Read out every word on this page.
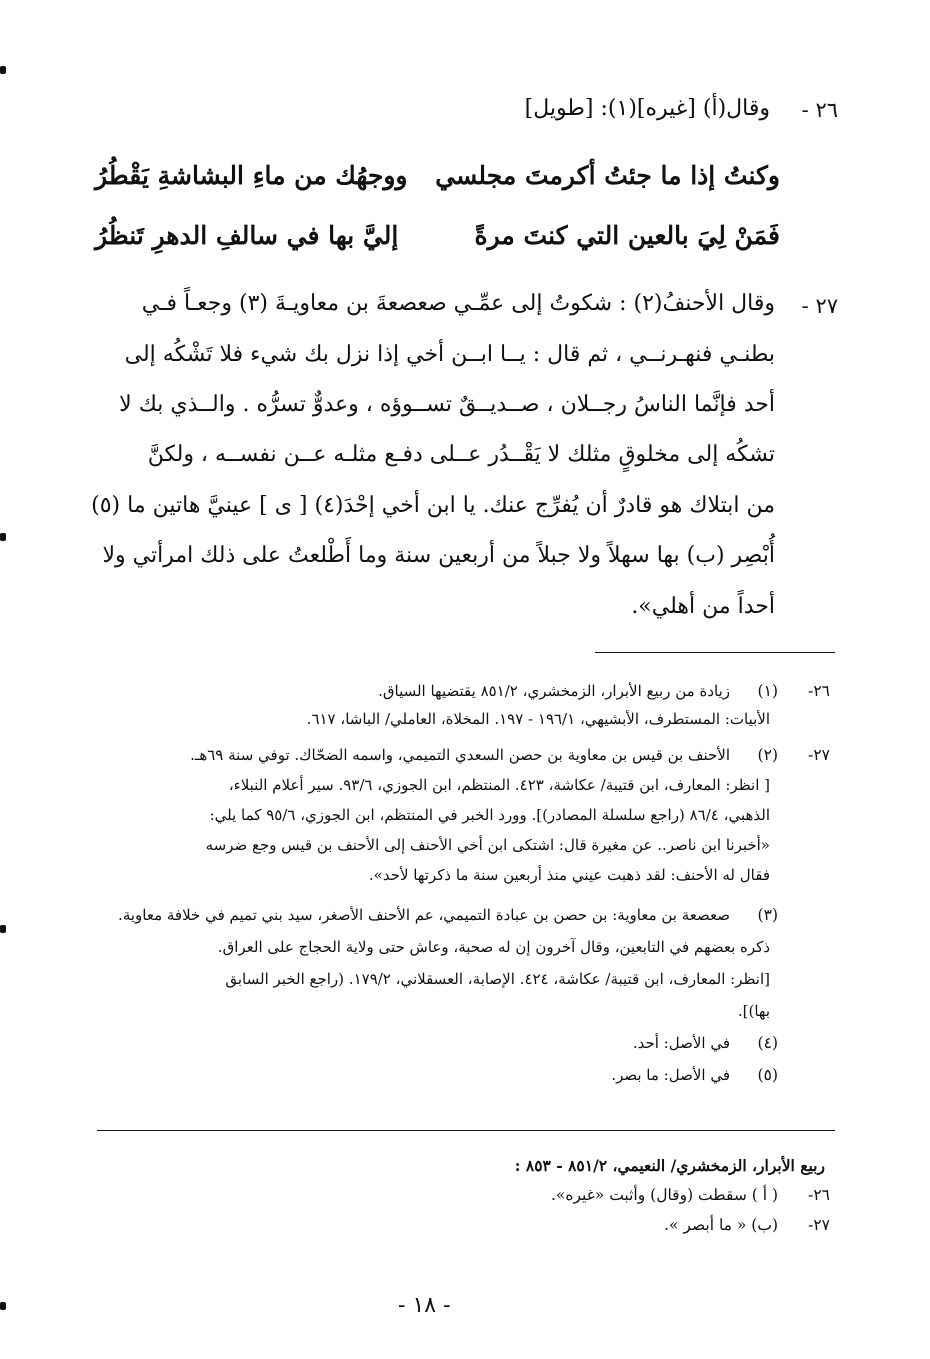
٢٦ -
وقال(أ) [غيره](١): [طويل]
وكنتُ إذا ما جئتُ أكرمتَ مجلسي
ووجهُك من ماءِ البشاشةِ يَقْطُرُ
فَمَنْ لِيَ بالعين التي كنتَ مرةً
إليَّ بها في سالفِ الدهرِ تَنظُرُ
٢٧ -
وقال الأحنفُ(٢) : شكوتُ إلى عمِّـي صعصعةَ بن معاويـةَ (٣) وجعـاً فـي
بطنـي فنهـرنــي ، ثم قال : يــا ابــن أخي إذا نزل بك شيء فلا تَشْكُه إلى
أحد فإنَّما الناسُ رجــلان ، صــديــقٌ تســوؤه ، وعدوٌّ تسرُّه . والــذي بك لا
تشكُه إلى مخلوقٍ مثلك لا يَقْــدُر عــلى دفـع مثلـه عــن نفســه ، ولكنَّ
من ابتلاك هو قادرٌ أن يُفرِّج عنك. يا ابن أخي إحْدَ(٤) [ ى ] عينيَّ هاتين ما (٥)
أُبْصِر (ب) بها سهلاً ولا جبلاً من أربعين سنة وما أَطْلعتُ على ذلك امرأتي ولا
أحداً من أهلي».
٢٦-
(١)
زيادة من ربيع الأبرار، الزمخشري، ٨٥١/٢ يقتضيها السياق.
الأبيات: المستطرف، الأبشيهي، ١٩٦/١ - ١٩٧. المخلاة، العاملي/ الباشا، ٦١٧.
٢٧-
(٢)
الأحنف بن قيس بن معاوية بن حصن السعدي التميمي، واسمه الضحّاك. توفي سنة ٦٩هـ.
[ انظر: المعارف، ابن قتيبة/ عكاشة، ٤٢٣. المنتظم، ابن الجوزي، ٩٣/٦. سير أعلام النبلاء،
الذهبي، ٨٦/٤ (راجع سلسلة المصادر)]. وورد الخبر في المنتظم، ابن الجوزي، ٩٥/٦ كما يلي:
«أخبرنا ابن ناصر.. عن مغيرة قال: اشتكى ابن أخي الأحنف إلى الأحنف بن قيس وجع ضرسه
فقال له الأحنف: لقد ذهبت عيني منذ أربعين سنة ما ذكرتها لأحد».
(٣)
صعصعة بن معاوية: بن حصن بن عبادة التميمي، عم الأحنف الأصغر، سيد بني تميم في خلافة معاوية.
ذكره بعضهم في التابعين، وقال آخرون إن له صحبة، وعاش حتى ولاية الحجاج على العراق.
[انظر: المعارف، ابن قتيبة/ عكاشة، ٤٢٤. الإصابة، العسقلاني، ١٧٩/٢. (راجع الخبر السابق
بها)].
(٤)
في الأصل: أحد.
(٥)
في الأصل: ما بصر.
ربيع الأبرار، الزمخشري/ النعيمي، ٨٥١/٢ - ٨٥٣ :
٢٦-
( أ ) سقطت (وقال) وأثبت «غيره».
٢٧-
(ب) « ما أبصر ».
- ١٨ -
